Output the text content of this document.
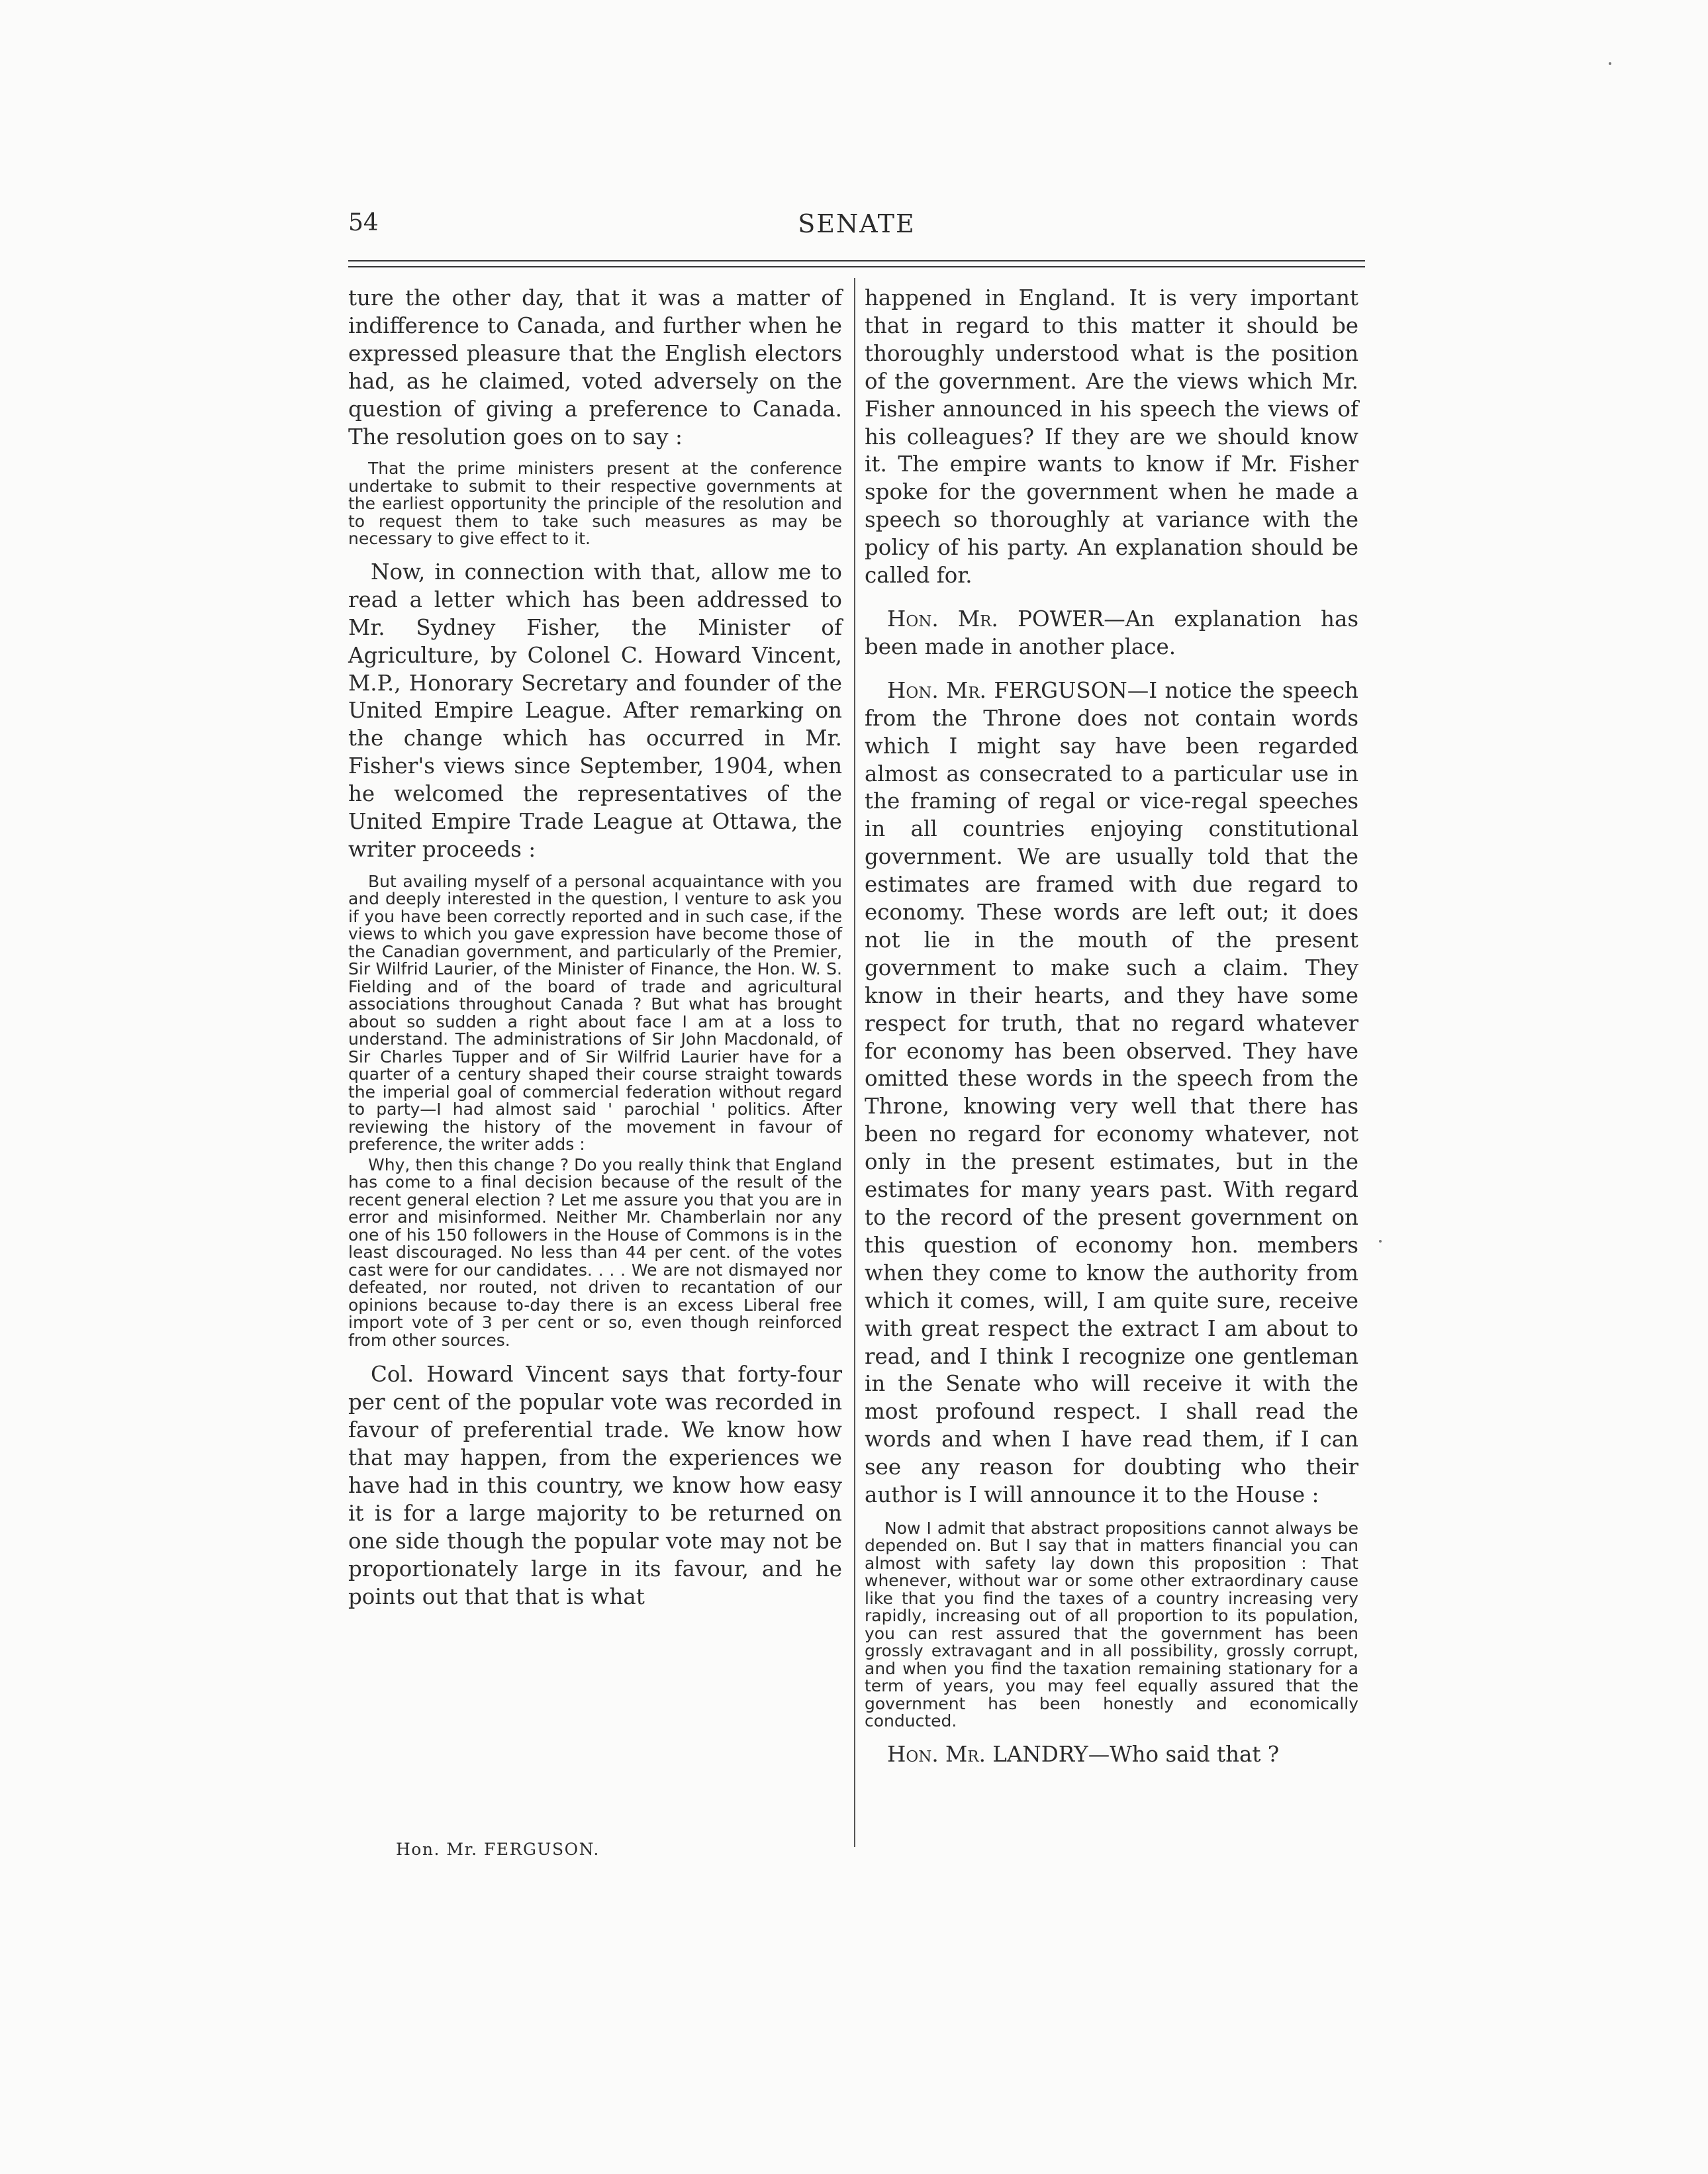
54	SENATE

ture the other day, that it was a matter of indifference to Canada, and further when he expressed pleasure that the English electors had, as he claimed, voted adversely on the question of giving a preference to Canada. The resolution goes on to say :

That the prime ministers present at the conference undertake to submit to their respective governments at the earliest opportunity the principle of the resolution and to request them to take such measures as may be necessary to give effect to it.

Now, in connection with that, allow me to read a letter which has been addressed to Mr. Sydney Fisher, the Minister of Agriculture, by Colonel C. Howard Vincent, M.P., Honorary Secretary and founder of the United Empire League. After remarking on the change which has occurred in Mr. Fisher's views since September, 1904, when he welcomed the representatives of the United Empire Trade League at Ottawa, the writer proceeds :

But availing myself of a personal acquaintance with you and deeply interested in the question, I venture to ask you if you have been correctly reported and in such case, if the views to which you gave expression have become those of the Canadian government, and particularly of the Premier, Sir Wilfrid Laurier, of the Minister of Finance, the Hon. W. S. Fielding and of the board of trade and agricultural associations throughout Canada ? But what has brought about so sudden a right about face I am at a loss to understand. The administrations of Sir John Macdonald, of Sir Charles Tupper and of Sir Wilfrid Laurier have for a quarter of a century shaped their course straight towards the imperial goal of commercial federation without regard to party—I had almost said ' parochial ' politics. After reviewing the history of the movement in favour of preference, the writer adds :

Why, then this change ? Do you really think that England has come to a final decision because of the result of the recent general election ? Let me assure you that you are in error and misinformed. Neither Mr. Chamberlain nor any one of his 150 followers in the House of Commons is in the least discouraged. No less than 44 per cent. of the votes cast were for our candidates. . . . We are not dismayed nor defeated, nor routed, not driven to recantation of our opinions because to-day there is an excess Liberal free import vote of 3 per cent or so, even though reinforced from other sources.

Col. Howard Vincent says that forty-four per cent of the popular vote was recorded in favour of preferential trade. We know how that may happen, from the experiences we have had in this country, we know how easy it is for a large majority to be returned on one side though the popular vote may not be proportionately large in its favour, and he points out that that is what

happened in England. It is very important that in regard to this matter it should be thoroughly understood what is the position of the government. Are the views which Mr. Fisher announced in his speech the views of his colleagues? If they are we should know it. The empire wants to know if Mr. Fisher spoke for the government when he made a speech so thoroughly at variance with the policy of his party. An explanation should be called for.

Hon. Mr. POWER—An explanation has been made in another place.

Hon. Mr. FERGUSON—I notice the speech from the Throne does not contain words which I might say have been regarded almost as consecrated to a particular use in the framing of regal or vice-regal speeches in all countries enjoying constitutional government. We are usually told that the estimates are framed with due regard to economy. These words are left out; it does not lie in the mouth of the present government to make such a claim. They know in their hearts, and they have some respect for truth, that no regard whatever for economy has been observed. They have omitted these words in the speech from the Throne, knowing very well that there has been no regard for economy whatever, not only in the present estimates, but in the estimates for many years past. With regard to the record of the present government on this question of economy hon. members when they come to know the authority from which it comes, will, I am quite sure, receive with great respect the extract I am about to read, and I think I recognize one gentleman in the Senate who will receive it with the most profound respect. I shall read the words and when I have read them, if I can see any reason for doubting who their author is I will announce it to the House :

Now I admit that abstract propositions cannot always be depended on. But I say that in matters financial you can almost with safety lay down this proposition : That whenever, without war or some other extraordinary cause like that you find the taxes of a country increasing very rapidly, increasing out of all proportion to its population, you can rest assured that the government has been grossly extravagant and in all possibility, grossly corrupt, and when you find the taxation remaining stationary for a term of years, you may feel equally assured that the government has been honestly and economically conducted.

Hon. Mr. LANDRY—Who said that ?

Hon. Mr. FERGUSON.
